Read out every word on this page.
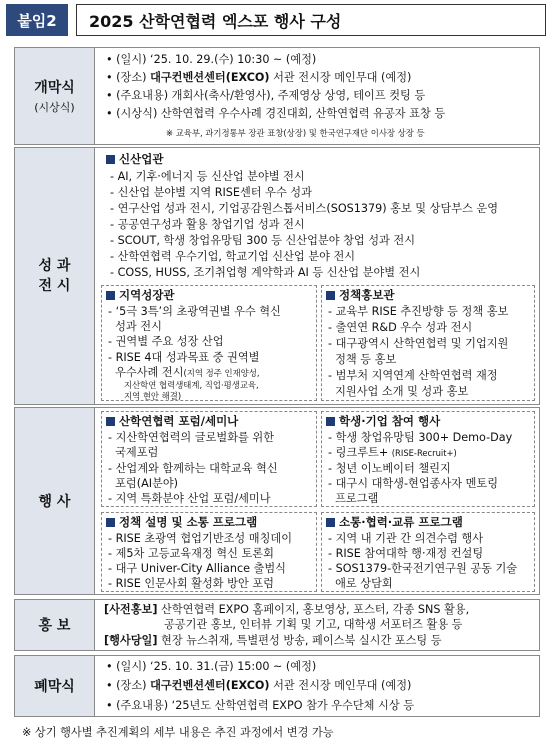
붙임2	2025 산학연협력 엑스포 행사 구성
개막식
(시상식)
• (일시) ‘25. 10. 29.(수) 10:30 ~ (예정)
• (장소) 대구컨벤션센터(EXCO) 서관 전시장 메인무대 (예정)
• (주요내용) 개회사(축사/환영사), 주제영상 상영, 테이프 컷팅 등
• (시상식) 산학연협력 우수사례 경진대회, 산학연협력 유공자 표창 등
※ 교육부, 과기정통부 장관 표창(상장) 및 한국연구재단 이사장 상장 등
성 과
전 시
신산업관
- AI, 기후·에너지 등 신산업 분야별 전시
- 신산업 분야별 지역 RISE센터 우수 성과
- 연구산업 성과 전시, 기업공감원스톱서비스(SOS1379) 홍보 및 상담부스 운영
- 공공연구성과 활용 창업기업 성과 전시
- SCOUT, 학생 창업유망팀 300 등 신산업분야 창업 성과 전시
- 산학연협력 우수기업, 학교기업 신산업 분야 전시
- COSS, HUSS, 조기취업형 계약학과 AI 등 신산업 분야별 전시
지역성장관
- ‘5극 3특’의 초광역권별 우수 혁신
성과 전시
- 권역별 주요 성장 산업
- RISE 4대 성과목표 중 권역별
우수사례 전시(지역 정주 인재양성,
지산학연 협력생태계, 직업·평생교육,
지역 현안 해결)
정책홍보관
- 교육부 RISE 추진방향 등 정책 홍보
- 출연연 R&D 우수 성과 전시
- 대구광역시 산학연협력 및 기업지원
정책 등 홍보
- 범부처 지역연계 산학연협력 재정
지원사업 소개 및 성과 홍보
행 사
산학연협력 포럼/세미나
- 지산학연협력의 글로벌화를 위한
국제포럼
- 산업계와 함께하는 대학교육 혁신
포럼(AI분야)
- 지역 특화분야 산업 포럼/세미나
학생·기업 참여 행사
- 학생 창업유망팀 300+ Demo-Day
- 링크루트+ (RISE-Recruit+)
- 청년 이노베이터 챌린지
- 대구시 대학생-현업종사자 멘토링
프로그램
정책 설명 및 소통 프로그램
- RISE 초광역 협업기반조성 매칭데이
- 제5차 고등교육재정 혁신 토론회
- 대구 Univer-City Alliance 출범식
- RISE 인문사회 활성화 방안 포럼
소통·협력·교류 프로그램
- 지역 내 기관 간 의견수렴 행사
- RISE 참여대학 행·재정 컨설팅
- SOS1379-한국전기연구원 공동 기술
애로 상담회
홍 보
[사전홍보] 산학연협력 EXPO 홈페이지, 홍보영상, 포스터, 각종 SNS 활용,
공공기관 홍보, 인터뷰 기획 및 기고, 대학생 서포터즈 활용 등
[행사당일] 현장 뉴스취재, 특별편성 방송, 페이스북 실시간 포스팅 등
폐막식
• (일시) ‘25. 10. 31.(금) 15:00 ~ (예정)
• (장소) 대구컨벤션센터(EXCO) 서관 전시장 메인무대 (예정)
• (주요내용) ‘25년도 산학연협력 EXPO 참가 우수단체 시상 등
※ 상기 행사별 추진계획의 세부 내용은 추진 과정에서 변경 가능
